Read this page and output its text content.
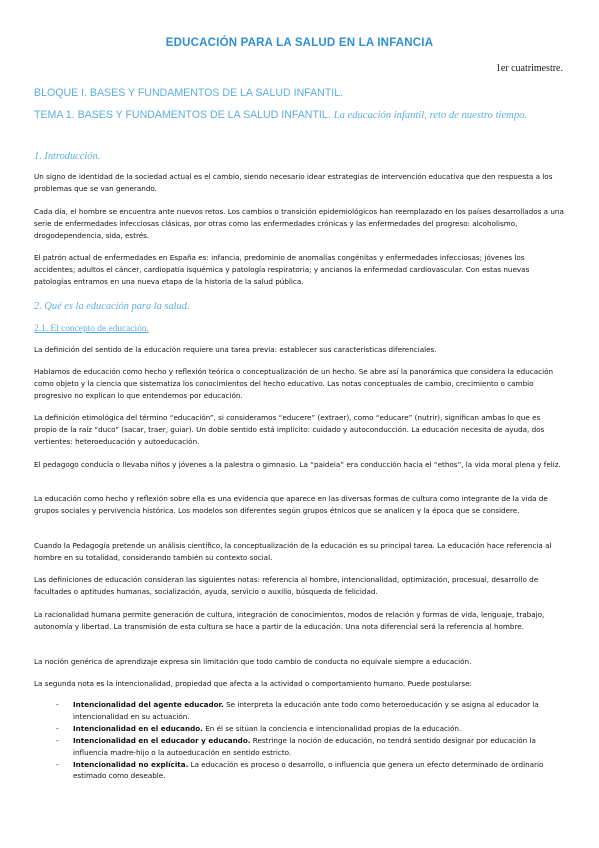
EDUCACIÓN PARA LA SALUD EN LA INFANCIA
1er cuatrimestre.
BLOQUE I. BASES Y FUNDAMENTOS DE LA SALUD INFANTIL.
TEMA 1. BASES Y FUNDAMENTOS DE LA SALUD INFANTIL. La educación infantil, reto de nuestro tiempo.
1. Introducción.

Un signo de identidad de la sociedad actual es el cambio, siendo necesario idear estrategias de intervención educativa que den respuesta a los problemas que se van generando.

Cada día, el hombre se encuentra ante nuevos retos. Los cambios o transición epidemiológicos han reemplazado en los países desarrollados a una serie de enfermedades infecciosas clásicas, por otras como las enfermedades crónicas y las enfermedades del progreso: alcoholismo, drogodependencia, sida, estrés.

El patrón actual de enfermedades en España es: infancia, predominio de anomalías congénitas y enfermedades infecciosas; jóvenes los accidentes; adultos el cáncer, cardiopatía isquémica y patología respiratoria; y ancianos la enfermedad cardiovascular. Con estas nuevas patologías entramos en una nueva etapa de la historia de la salud pública.

2. Qué es la educación para la salud.
2.1. El concepto de educación.

La definición del sentido de la educación requiere una tarea previa: establecer sus características diferenciales.

Hablamos de educación como hecho y reflexión teórica o conceptualización de un hecho. Se abre así la panorámica que considera la educación como objeto y la ciencia que sistematiza los conocimientos del hecho educativo. Las notas conceptuales de cambio, crecimiento o cambio progresivo no explican lo que entendemos por educación.

La definición etimológica del término “educación”, si consideramos “educere” (extraer), como “educare” (nutrir), significan ambas lo que es propio de la raíz “duco” (sacar, traer, guiar). Un doble sentido está implícito: cuidado y autoconducción. La educación necesita de ayuda, dos vertientes: heteroeducación y autoeducación.

El pedagogo conducía o llevaba niños y jóvenes a la palestra o gimnasio. La “paideia” era conducción hacia el “ethos”, la vida moral plena y feliz.

La educación como hecho y reflexión sobre ella es una evidencia que aparece en las diversas formas de cultura como integrante de la vida de grupos sociales y pervivencia histórica. Los modelos son diferentes según grupos étnicos que se analicen y la época que se considere.

Cuando la Pedagogía pretende un análisis científico, la conceptualización de la educación es su principal tarea. La educación hace referencia al hombre en su totalidad, considerando también su contexto social.

Las definiciones de educación consideran las siguientes notas: referencia al hombre, intencionalidad, optimización, procesual, desarrollo de facultades o aptitudes humanas, socialización, ayuda, servicio o auxilio, búsqueda de felicidad.

La racionalidad humana permite generación de cultura, integración de conocimientos, modos de relación y formas de vida, lenguaje, trabajo, autonomía y libertad. La transmisión de esta cultura se hace a partir de la educación. Una nota diferencial será la referencia al hombre.

La noción genérica de aprendizaje expresa sin limitación que todo cambio de conducta no equivale siempre a educación.

La segunda nota es la intencionalidad, propiedad que afecta a la actividad o comportamiento humano. Puede postularse:

- Intencionalidad del agente educador. Se interpreta la educación ante todo como heteroeducación y se asigna al educador la intencionalidad en su actuación.
- Intencionalidad en el educando. En él se sitúan la conciencia e intencionalidad propias de la educación.
- Intencionalidad en el educador y educando. Restringe la noción de educación, no tendrá sentido designar por educación la influencia madre-hijo o la autoeducación en sentido estricto.
- Intencionalidad no explícita. La educación es proceso o desarrollo, o influencia que genera un efecto determinado de ordinario estimado como deseable.
